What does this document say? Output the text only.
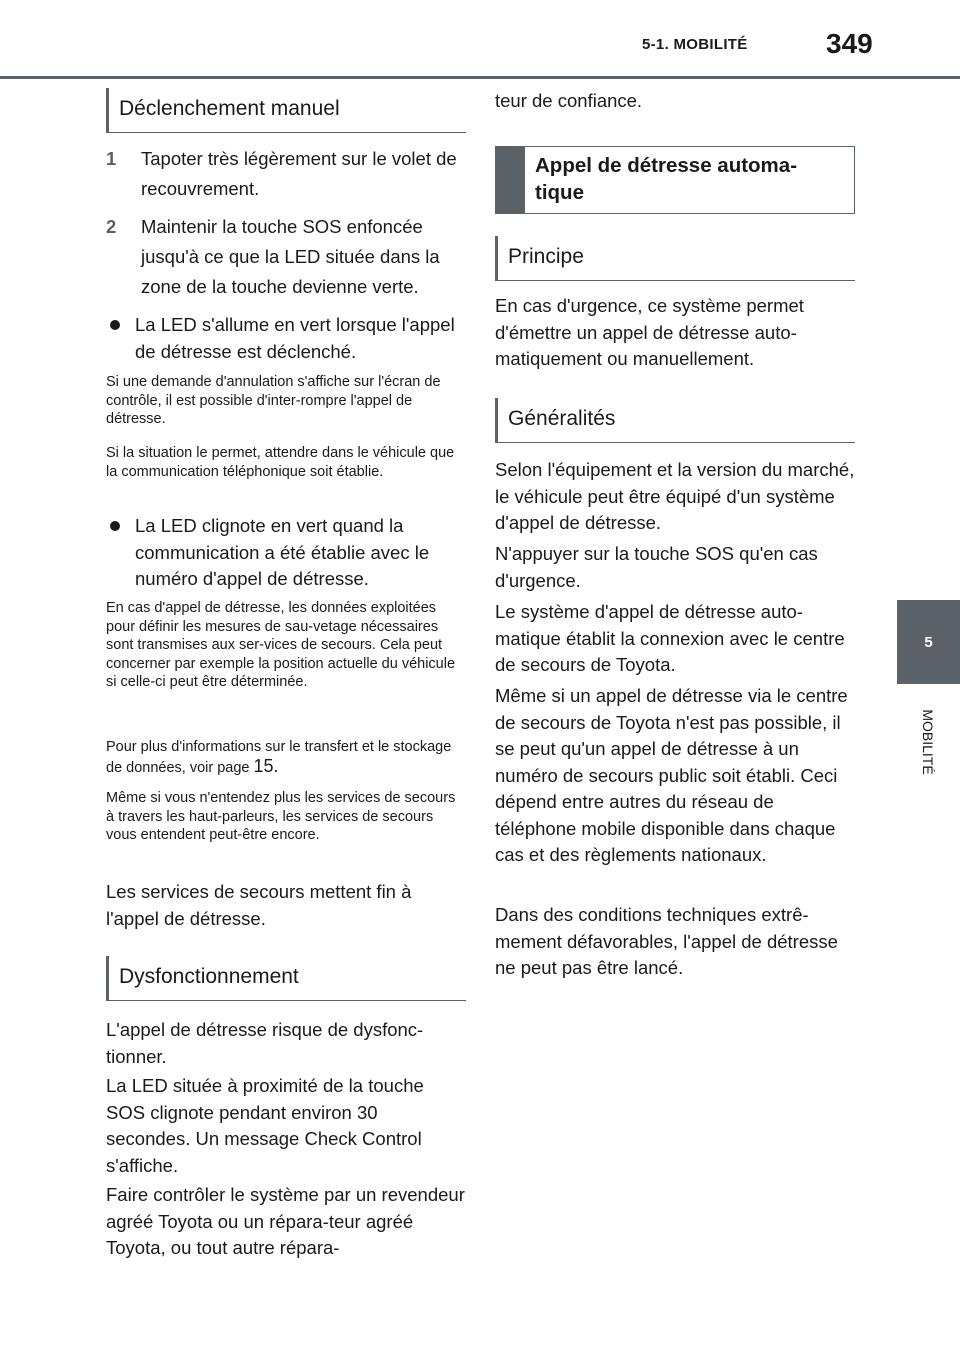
5-1. MOBILITÉ	349
5
MOBILITÉ
Déclenchement manuel
1	Tapoter très légèrement sur le volet de recouvrement.
2	Maintenir la touche SOS enfoncée jusqu'à ce que la LED située dans la zone de la touche devienne verte.
La LED s'allume en vert lorsque l'appel de détresse est déclenché.

Si une demande d'annulation s'affiche sur l'écran de contrôle, il est possible d'inter-rompre l'appel de détresse.

Si la situation le permet, attendre dans le véhicule que la communication téléphonique soit établie.

La LED clignote en vert quand la communication a été établie avec le numéro d'appel de détresse.

En cas d'appel de détresse, les données exploitées pour définir les mesures de sau-vetage nécessaires sont transmises aux ser-vices de secours. Cela peut concerner par exemple la position actuelle du véhicule si celle-ci peut être déterminée.

Pour plus d'informations sur le transfert et le stockage de données, voir page 15.

Même si vous n'entendez plus les services de secours à travers les haut-parleurs, les services de secours vous entendent peut-être encore.

Les services de secours mettent fin à l'appel de détresse.

Dysfonctionnement

L'appel de détresse risque de dysfonc-tionner.

La LED située à proximité de la touche SOS clignote pendant environ 30 secondes. Un message Check Control s'affiche.

Faire contrôler le système par un revendeur agréé Toyota ou un répara-teur agréé Toyota, ou tout autre répara-

teur de confiance.

Appel de détresse automa-tique
Principe

En cas d'urgence, ce système permet d'émettre un appel de détresse auto-matiquement ou manuellement.

Généralités

Selon l'équipement et la version du marché, le véhicule peut être équipé d'un système d'appel de détresse.

N'appuyer sur la touche SOS qu'en cas d'urgence.

Le système d'appel de détresse auto-matique établit la connexion avec le centre de secours de Toyota.

Même si un appel de détresse via le centre de secours de Toyota n'est pas possible, il se peut qu'un appel de détresse à un numéro de secours public soit établi. Ceci dépend entre autres du réseau de téléphone mobile disponible dans chaque cas et des règlements nationaux.

Dans des conditions techniques extrê-mement défavorables, l'appel de détresse ne peut pas être lancé.
